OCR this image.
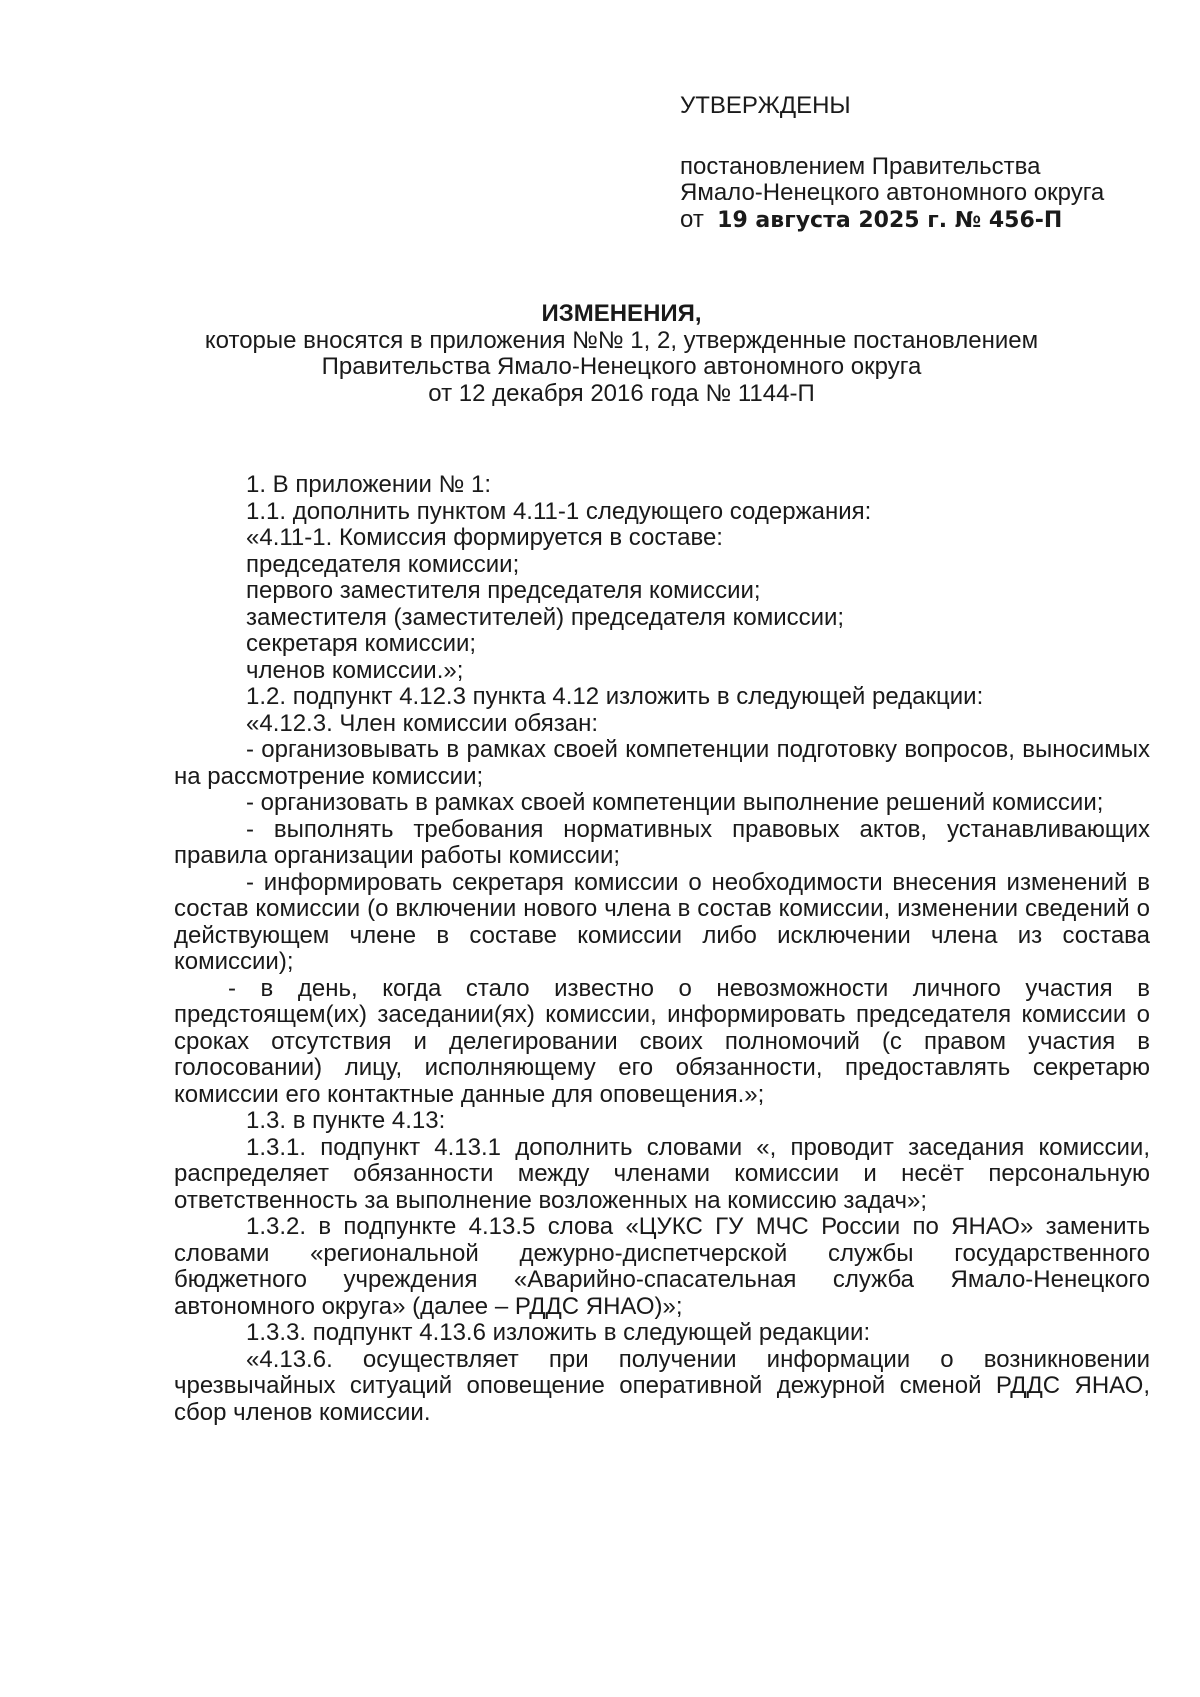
УТВЕРЖДЕНЫ
постановлением Правительства
Ямало-Ненецкого автономного округа
от 19 августа 2025 г. № 456-П
ИЗМЕНЕНИЯ,
которые вносятся в приложения №№ 1, 2, утвержденные постановлением
Правительства Ямало-Ненецкого автономного округа
от 12 декабря 2016 года № 1144-П

1. В приложении № 1:

1.1. дополнить пунктом 4.11-1 следующего содержания:

«4.11-1. Комиссия формируется в составе:

председателя комиссии;

первого заместителя председателя комиссии;

заместителя (заместителей) председателя комиссии;

секретаря комиссии;

членов комиссии.»;

1.2. подпункт 4.12.3 пункта 4.12 изложить в следующей редакции:

«4.12.3. Член комиссии обязан:

- организовывать в рамках своей компетенции подготовку вопросов, выносимых на рассмотрение комиссии;

- организовать в рамках своей компетенции выполнение решений комиссии;

- выполнять требования нормативных правовых актов, устанавливающих правила организации работы комиссии;

- информировать секретаря комиссии о необходимости внесения изменений в состав комиссии (о включении нового члена в состав комиссии, изменении сведений о действующем члене в составе комиссии либо исключении члена из состава комиссии);

- в день, когда стало известно о невозможности личного участия в предстоящем(их) заседании(ях) комиссии, информировать председателя комиссии о сроках отсутствия и делегировании своих полномочий (с правом участия в голосовании) лицу, исполняющему его обязанности, предоставлять секретарю комиссии его контактные данные для оповещения.»;

1.3. в пункте 4.13:

1.3.1. подпункт 4.13.1 дополнить словами «, проводит заседания комиссии, распределяет обязанности между членами комиссии и несёт персональную ответственность за выполнение возложенных на комиссию задач»;

1.3.2. в подпункте 4.13.5 слова «ЦУКС ГУ МЧС России по ЯНАО» заменить словами «региональной дежурно-диспетчерской службы государственного бюджетного учреждения «Аварийно-спасательная служба Ямало-Ненецкого автономного округа» (далее – РДДС ЯНАО)»;

1.3.3. подпункт 4.13.6 изложить в следующей редакции:

«4.13.6. осуществляет при получении информации о возникновении чрезвычайных ситуаций оповещение оперативной дежурной сменой РДДС ЯНАО, сбор членов комиссии.
